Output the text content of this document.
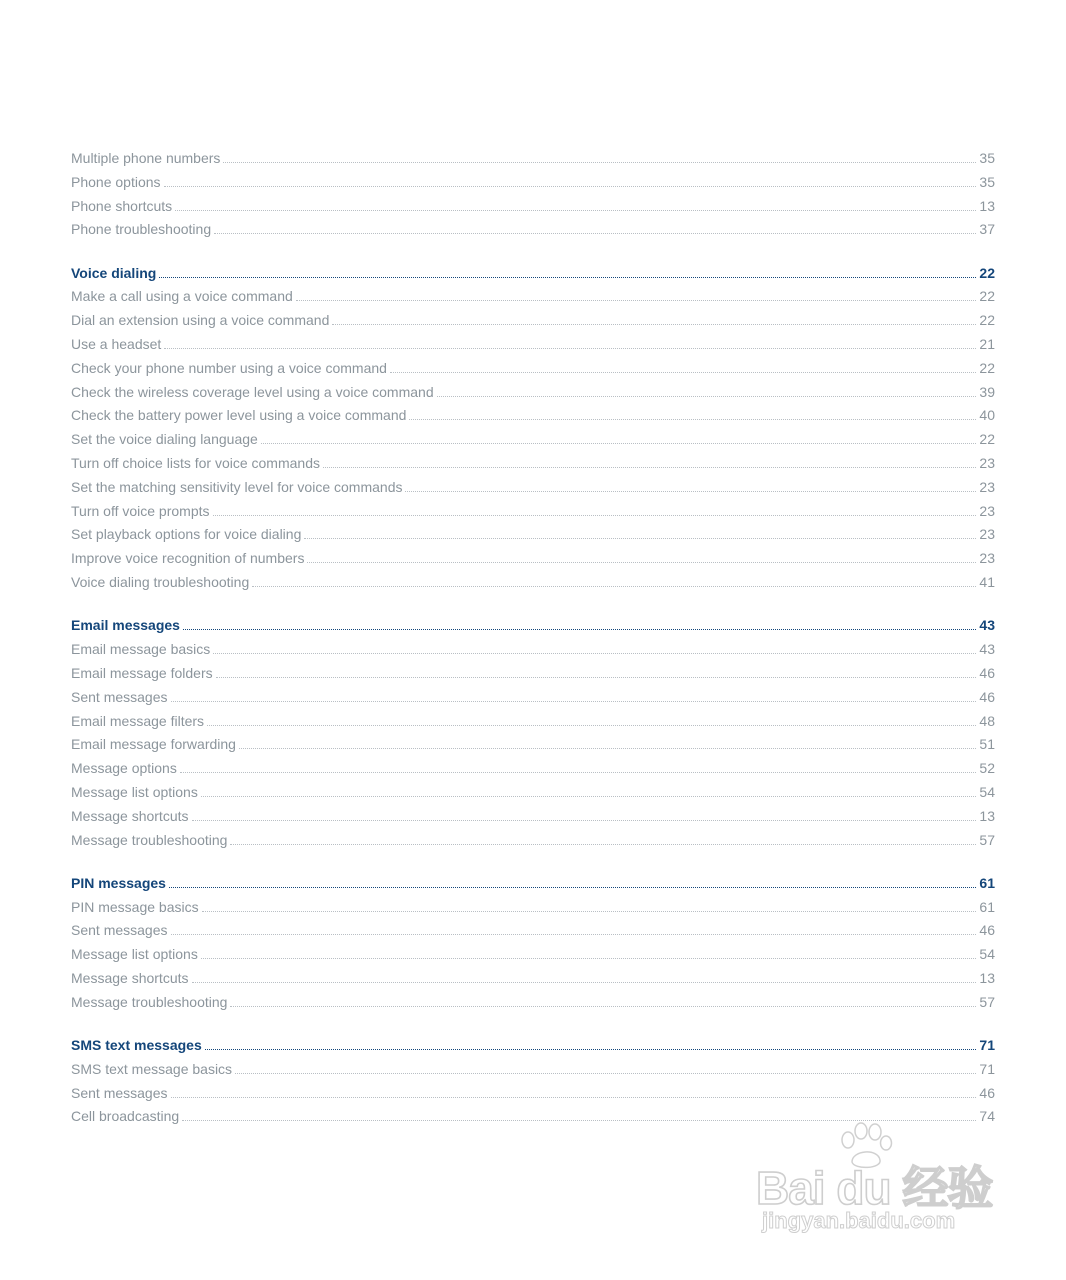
Multiple phone numbers	35
Phone options	35
Phone shortcuts	13
Phone troubleshooting	37
Voice dialing	22
Make a call using a voice command	22
Dial an extension using a voice command	22
Use a headset	21
Check your phone number using a voice command	22
Check the wireless coverage level using a voice command	39
Check the battery power level using a voice command	40
Set the voice dialing language	22
Turn off choice lists for voice commands	23
Set the matching sensitivity level for voice commands	23
Turn off voice prompts	23
Set playback options for voice dialing	23
Improve voice recognition of numbers	23
Voice dialing troubleshooting	41
Email messages	43
Email message basics	43
Email message folders	46
Sent messages	46
Email message filters	48
Email message forwarding	51
Message options	52
Message list options	54
Message shortcuts	13
Message troubleshooting	57
PIN messages	61
PIN message basics	61
Sent messages	46
Message list options	54
Message shortcuts	13
Message troubleshooting	57
SMS text messages	71
SMS text message basics	71
Sent messages	46
Cell broadcasting	74
Bai du 经验
jingyan.baidu.com
